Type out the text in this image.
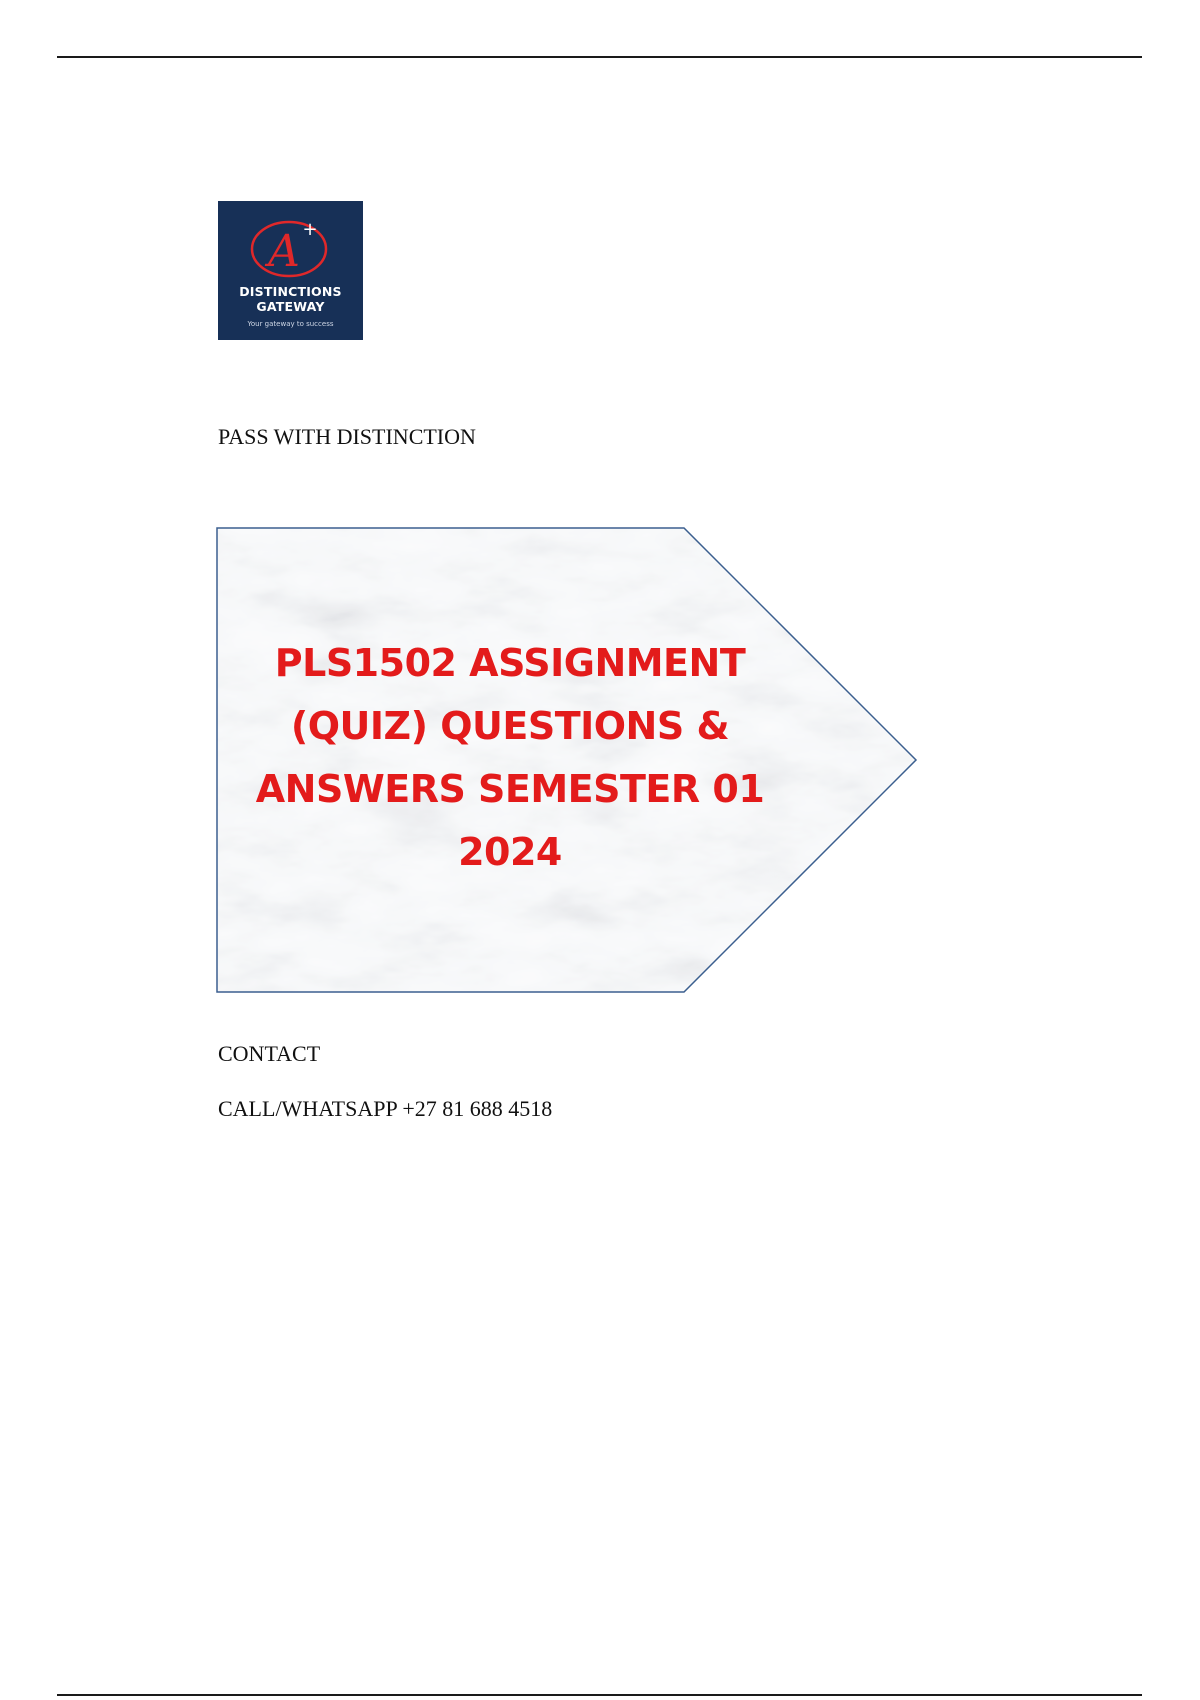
A +
DISTINCTIONS
GATEWAY
Your gateway to success
PASS WITH DISTINCTION
PLS1502 ASSIGNMENT
(QUIZ) QUESTIONS &
ANSWERS SEMESTER 01
2024
CONTACT
CALL/WHATSAPP +27 81 688 4518
